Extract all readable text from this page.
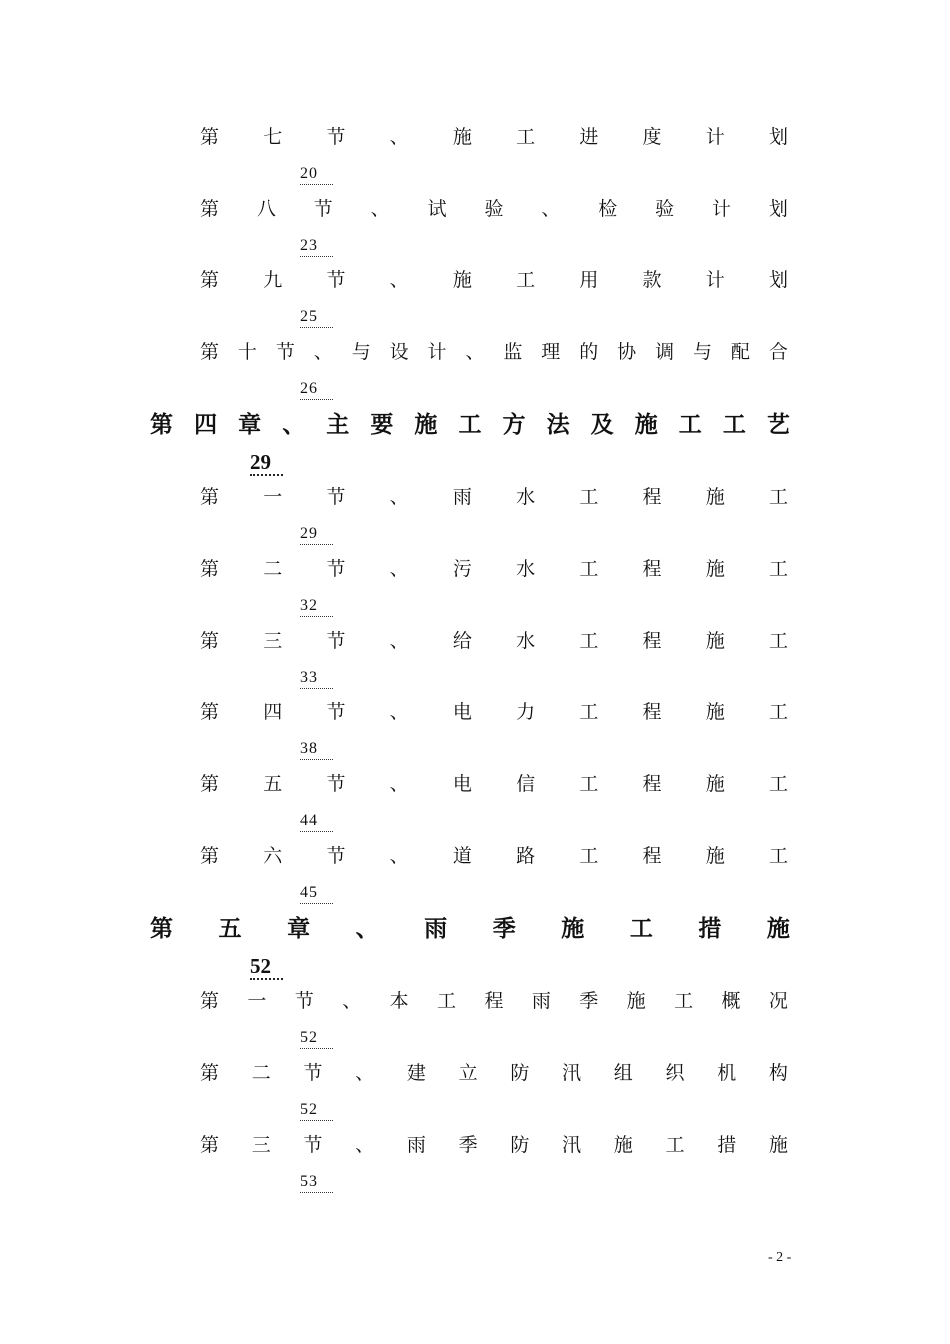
第 七 节 、 施 工 进 度 计 划
20
第 八 节 、 试 验 、 检 验 计 划
23
第 九 节 、 施 工 用 款 计 划
25
第 十 节 、 与 设 计 、 监 理 的 协 调 与 配 合
26
第 四 章 、 主 要 施 工 方 法 及 施 工 工 艺
29
第 一 节 、 雨 水 工 程 施 工
29
第 二 节 、 污 水 工 程 施 工
32
第 三 节 、 给 水 工 程 施 工
33
第 四 节 、 电 力 工 程 施 工
38
第 五 节 、 电 信 工 程 施 工
44
第 六 节 、 道 路 工 程 施 工
45
第 五 章 、 雨 季 施 工 措 施
52
第 一 节 、 本 工 程 雨 季 施 工 概 况
52
第 二 节 、 建 立 防 汛 组 织 机 构
52
第 三 节 、 雨 季 防 汛 施 工 措 施
53
- 2 -
